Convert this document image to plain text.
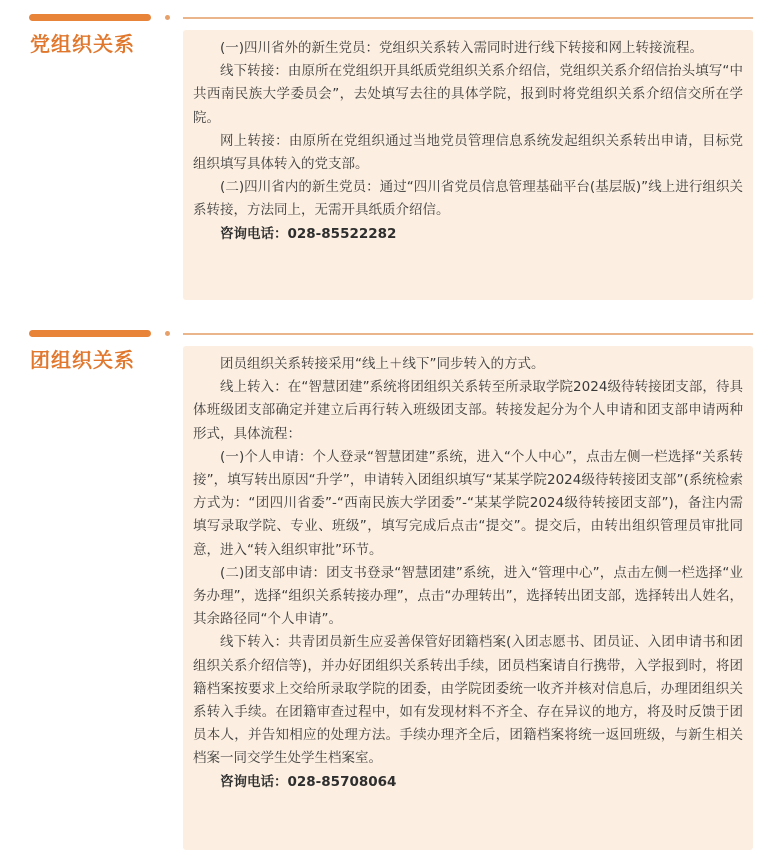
党组织关系	(一)四川省外的新生党员：党组织关系转入需同时进行线下转接和网上转接流程。

线下转接：由原所在党组织开具纸质党组织关系介绍信，党组织关系介绍信抬头填写“中共西南民族大学委员会”，去处填写去往的具体学院，报到时将党组织关系介绍信交所在学院。

网上转接：由原所在党组织通过当地党员管理信息系统发起组织关系转出申请，目标党组织填写具体转入的党支部。

(二)四川省内的新生党员：通过“四川省党员信息管理基础平台(基层版)”线上进行组织关系转接，方法同上，无需开具纸质介绍信。

咨询电话：028-85522282

团组织关系	团员组织关系转接采用“线上＋线下”同步转入的方式。

线上转入：在“智慧团建”系统将团组织关系转至所录取学院2024级待转接团支部，待具体班级团支部确定并建立后再行转入班级团支部。转接发起分为个人申请和团支部申请两种形式，具体流程：

(一)个人申请：个人登录“智慧团建”系统，进入“个人中心”，点击左侧一栏选择“关系转接”，填写转出原因“升学”，申请转入团组织填写“某某学院2024级待转接团支部”(系统检索方式为：“团四川省委”-“西南民族大学团委”-“某某学院2024级待转接团支部”)，备注内需填写录取学院、专业、班级”，填写完成后点击“提交”。提交后，由转出组织管理员审批同意，进入“转入组织审批”环节。

(二)团支部申请：团支书登录“智慧团建”系统，进入“管理中心”，点击左侧一栏选择“业务办理”，选择“组织关系转接办理”，点击“办理转出”，选择转出团支部，选择转出人姓名，其余路径同“个人申请”。

线下转入：共青团员新生应妥善保管好团籍档案(入团志愿书、团员证、入团申请书和团组织关系介绍信等)，并办好团组织关系转出手续，团员档案请自行携带，入学报到时，将团籍档案按要求上交给所录取学院的团委，由学院团委统一收齐并核对信息后，办理团组织关系转入手续。在团籍审查过程中，如有发现材料不齐全、存在异议的地方，将及时反馈于团员本人，并告知相应的处理方法。手续办理齐全后，团籍档案将统一返回班级，与新生相关档案一同交学生处学生档案室。

咨询电话：028-85708064
